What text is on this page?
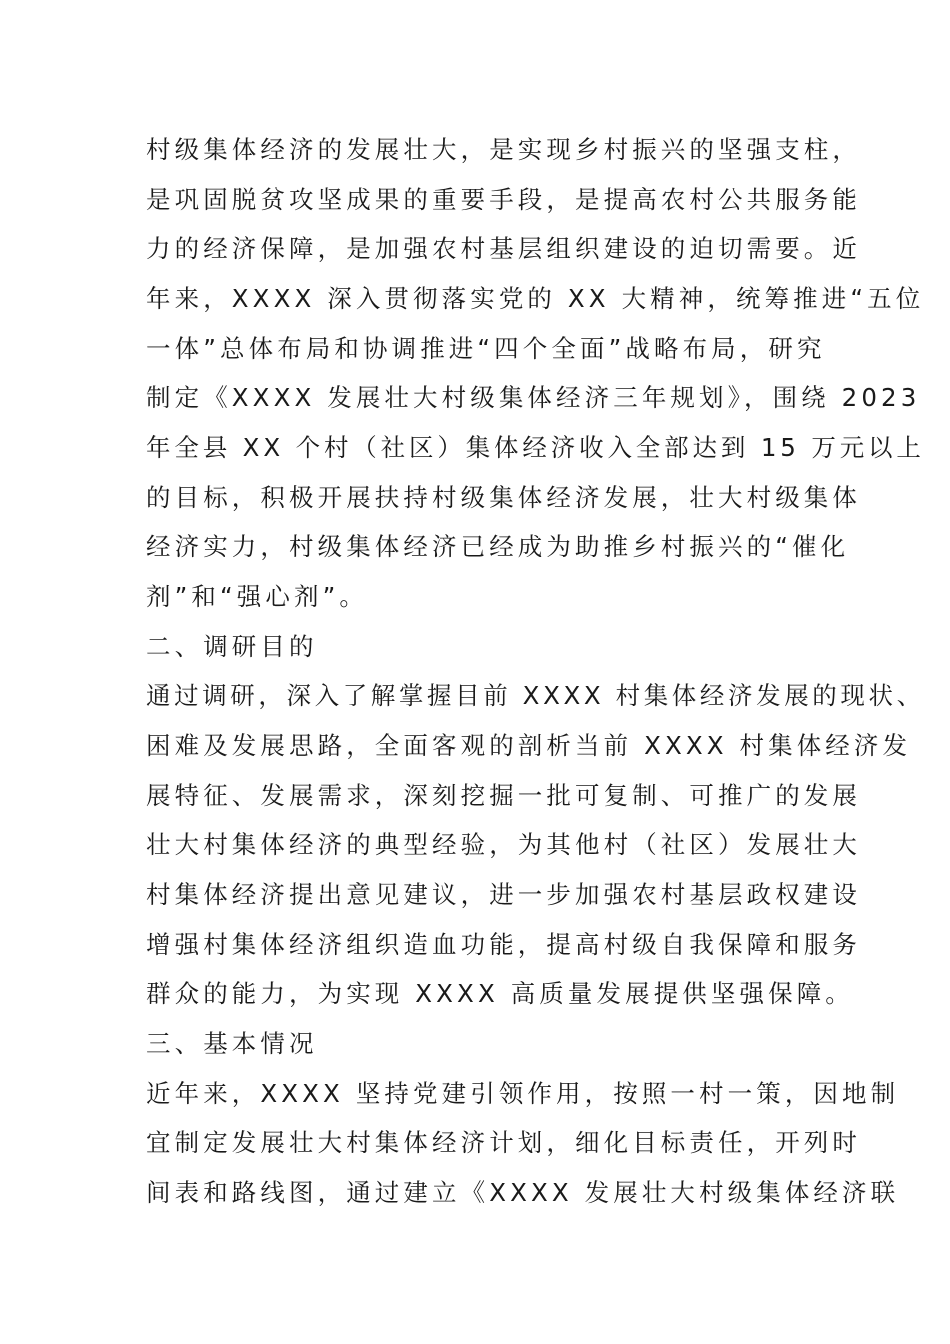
村级集体经济的发展壮大，是实现乡村振兴的坚强支柱，
是巩固脱贫攻坚成果的重要手段，是提高农村公共服务能
力的经济保障，是加强农村基层组织建设的迫切需要。近
年来，XXXX 深入贯彻落实党的 XX 大精神，统筹推进“五位
一体”总体布局和协调推进“四个全面”战略布局，研究
制定《XXXX 发展壮大村级集体经济三年规划》，围绕 2023
年全县 XX 个村（社区）集体经济收入全部达到 15 万元以上
的目标，积极开展扶持村级集体经济发展，壮大村级集体
经济实力，村级集体经济已经成为助推乡村振兴的“催化
剂”和“强心剂”。
二、调研目的
通过调研，深入了解掌握目前 XXXX 村集体经济发展的现状、
困难及发展思路，全面客观的剖析当前 XXXX 村集体经济发
展特征、发展需求，深刻挖掘一批可复制、可推广的发展
壮大村集体经济的典型经验，为其他村（社区）发展壮大
村集体经济提出意见建议，进一步加强农村基层政权建设
增强村集体经济组织造血功能，提高村级自我保障和服务
群众的能力，为实现 XXXX 高质量发展提供坚强保障。
三、基本情况
近年来，XXXX 坚持党建引领作用，按照一村一策，因地制
宜制定发展壮大村集体经济计划，细化目标责任，开列时
间表和路线图，通过建立《XXXX 发展壮大村级集体经济联
